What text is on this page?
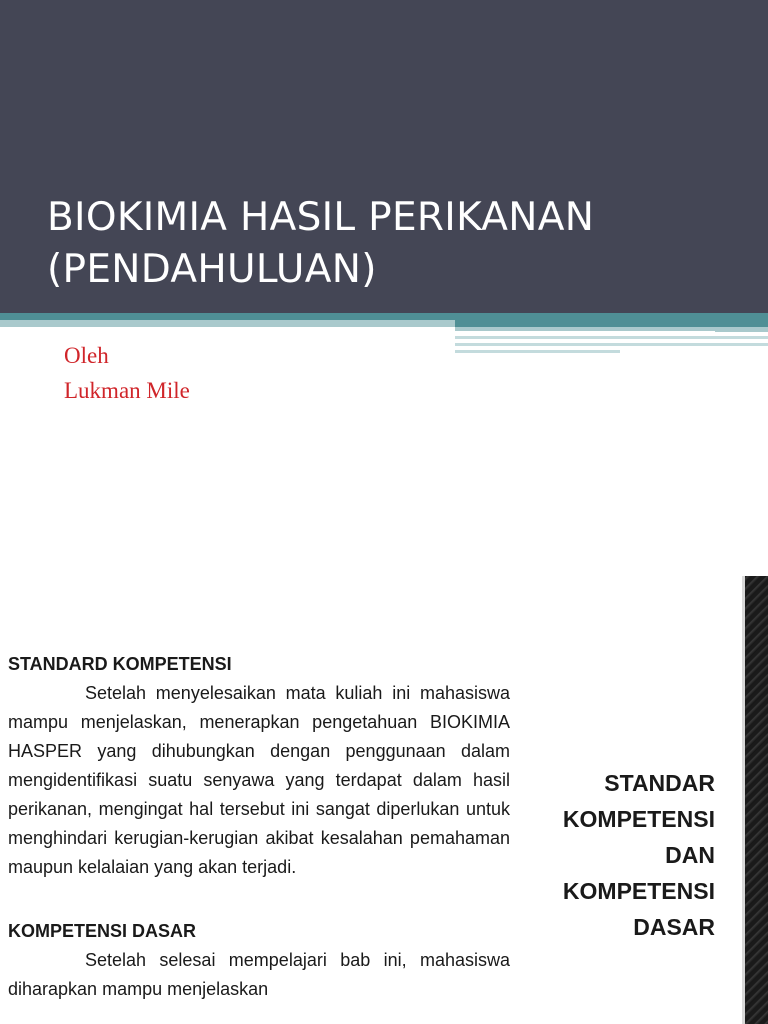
BIOKIMIA HASIL PERIKANAN
(PENDAHULUAN)
Oleh
Lukman Mile
STANDARD KOMPETENSI
Setelah menyelesaikan mata kuliah ini mahasiswa mampu menjelaskan, menerapkan pengetahuan BIOKIMIA HASPER yang dihubungkan dengan penggunaan dalam mengidentifikasi suatu senyawa yang terdapat dalam hasil perikanan, mengingat hal tersebut ini sangat diperlukan untuk menghindari kerugian-kerugian akibat kesalahan pemahaman maupun kelalaian yang akan terjadi.
KOMPETENSI DASAR
Setelah selesai mempelajari bab ini, mahasiswa diharapkan mampu menjelaskan
STANDAR
KOMPETENSI
DAN
KOMPETENSI
DASAR
